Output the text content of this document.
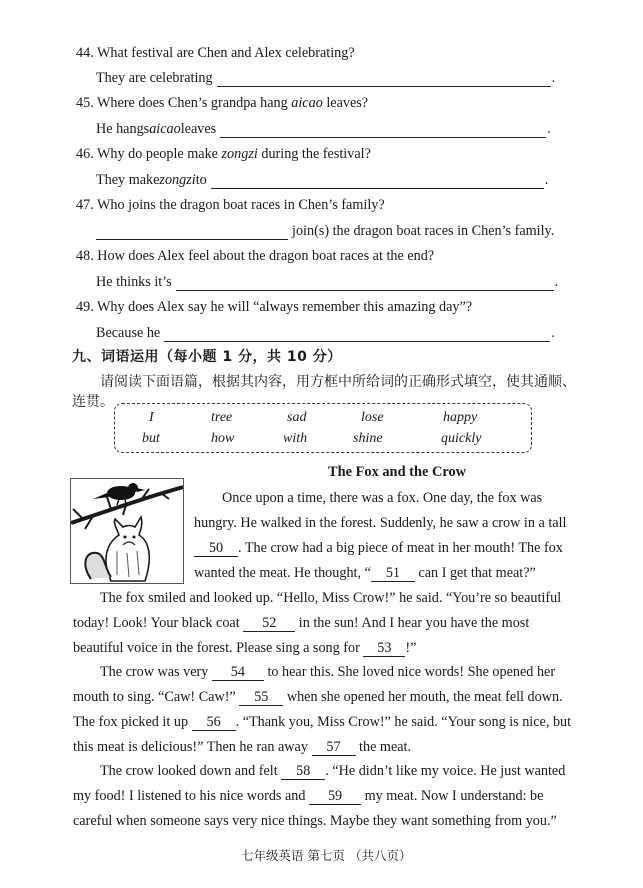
44. What festival are Chen and Alex celebrating?
They are celebrating	.
45. Where does Chen’s grandpa hang aicao leaves?
He hangs aicao leaves	.
46. Why do people make zongzi during the festival?
They make zongzi to	.
47. Who joins the dragon boat races in Chen’s family?
join(s) the dragon boat races in Chen’s family.
48. How does Alex feel about the dragon boat races at the end?
He thinks it’s	.
49. Why does Alex say he will “always remember this amazing day”?
Because he	.
九、词语运用（每小题 1 分，共 10 分）
请阅读下面语篇，根据其内容，用方框中所给词的正确形式填空，使其通顺、
连贯。
I	tree	sad	lose	happy
but	how	with	shine	quickly
The Fox and the Crow
Once upon a time, there was a fox. One day, the fox was
hungry. He walked in the forest. Suddenly, he saw a crow in a tall
50 . The crow had a big piece of meat in her mouth! The fox
wanted the meat. He thought, “ 51 can I get that meat?”
The fox smiled and looked up. “Hello, Miss Crow!” he said. “You’re so beautiful
today! Look! Your black coat 52 in the sun! And I hear you have the most
beautiful voice in the forest. Please sing a song for 53 !”
The crow was very 54 to hear this. She loved nice words! She opened her
mouth to sing. “Caw! Caw!” 55 when she opened her mouth, the meat fell down.
The fox picked it up 56 . “Thank you, Miss Crow!” he said. “Your song is nice, but
this meat is delicious!” Then he ran away 57 the meat.
The crow looked down and felt 58 . “He didn’t like my voice. He just wanted
my food! I listened to his nice words and 59 my meat. Now I understand: be
careful when someone says very nice things. Maybe they want something from you.”
七年级英语 第七页 （共八页）
